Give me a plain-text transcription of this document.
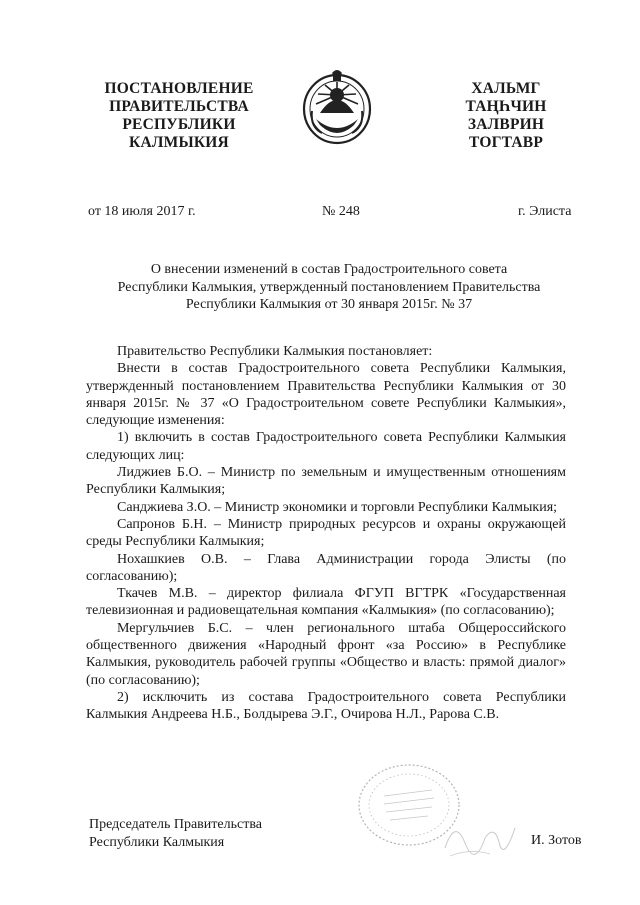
ПОСТАНОВЛЕНИЕ
ПРАВИТЕЛЬСТВА
РЕСПУБЛИКИ
КАЛМЫКИЯ
ХАЛЬМГ
ТАҢҺЧИН
ЗАЛВРИН
ТОГТАВР
от 18 июля 2017 г.	№ 248	г. Элиста
О внесении изменений в состав Градостроительного совета
Республики Калмыкия, утвержденный постановлением Правительства
Республики Калмыкия от 30 января 2015г. № 37

Правительство Республики Калмыкия постановляет:

Внести в состав Градостроительного совета Республики Калмыкия, утвержденный постановлением Правительства Республики Калмыкия от 30 января 2015г. № 37 «О Градостроительном совете Республики Калмыкия», следующие изменения:

1) включить в состав Градостроительного совета Республики Калмыкия следующих лиц:

Лиджиев Б.О. – Министр по земельным и имущественным отношениям Республики Калмыкия;

Санджиева З.О. – Министр экономики и торговли Республики Калмыкия;

Сапронов Б.Н. – Министр природных ресурсов и охраны окружающей среды Республики Калмыкия;

Нохашкиев О.В. – Глава Администрации города Элисты (по согласованию);

Ткачев М.В. – директор филиала ФГУП ВГТРК «Государственная телевизионная и радиовещательная компания «Калмыкия» (по согласованию);

Мергульчиев Б.С. – член регионального штаба Общероссийского общественного движения «Народный фронт «за Россию» в Республике Калмыкия, руководитель рабочей группы «Общество и власть: прямой диалог» (по согласованию);

2) исключить из состава Градостроительного совета Республики Калмыкия Андреева Н.Б., Болдырева Э.Г., Очирова Н.Л., Рарова С.В.

Председатель Правительства
Республики Калмыкия	И. Зотов
